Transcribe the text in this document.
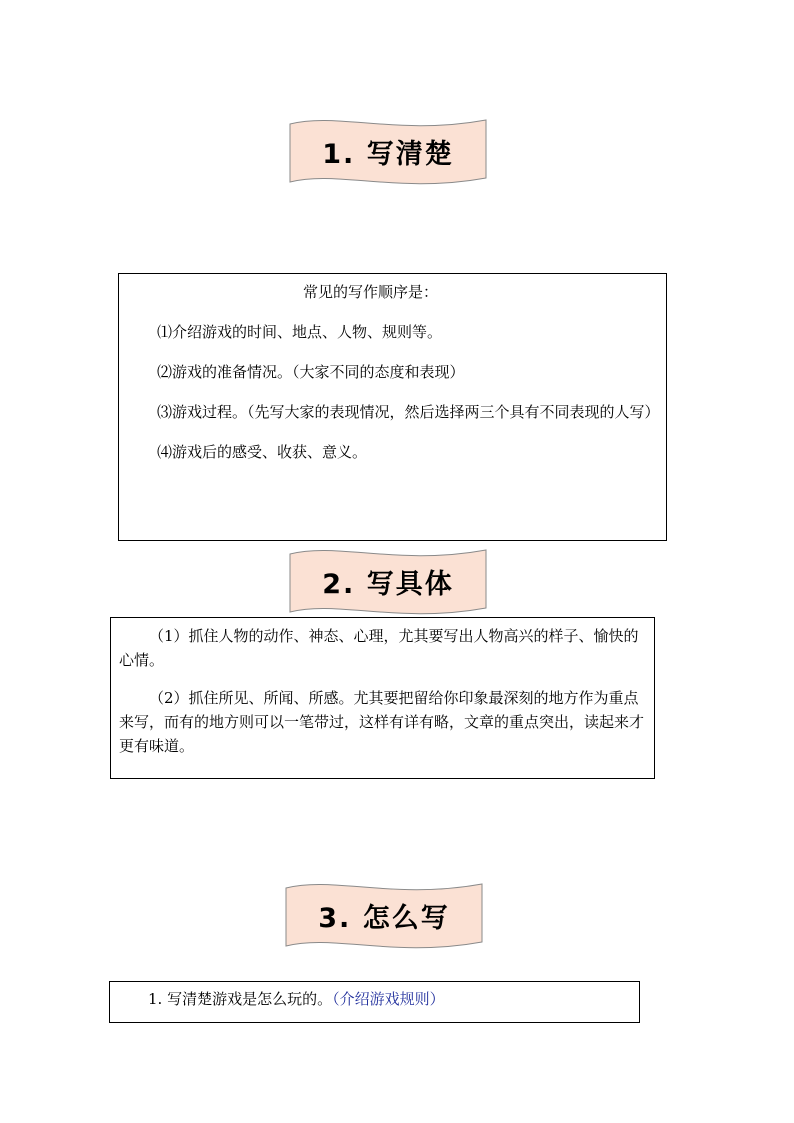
1. 写清楚

常见的写作顺序是：

⑴介绍游戏的时间、地点、人物、规则等。

⑵游戏的准备情况。（大家不同的态度和表现）

⑶游戏过程。（先写大家的表现情况，然后选择两三个具有不同表现的人写）

⑷游戏后的感受、收获、意义。

2. 写具体

（1）抓住人物的动作、神态、心理，尤其要写出人物高兴的样子、愉快的心情。

（2）抓住所见、所闻、所感。尤其要把留给你印象最深刻的地方作为重点来写，而有的地方则可以一笔带过，这样有详有略，文章的重点突出，读起来才更有味道。

3. 怎么写

1. 写清楚游戏是怎么玩的。（介绍游戏规则）
